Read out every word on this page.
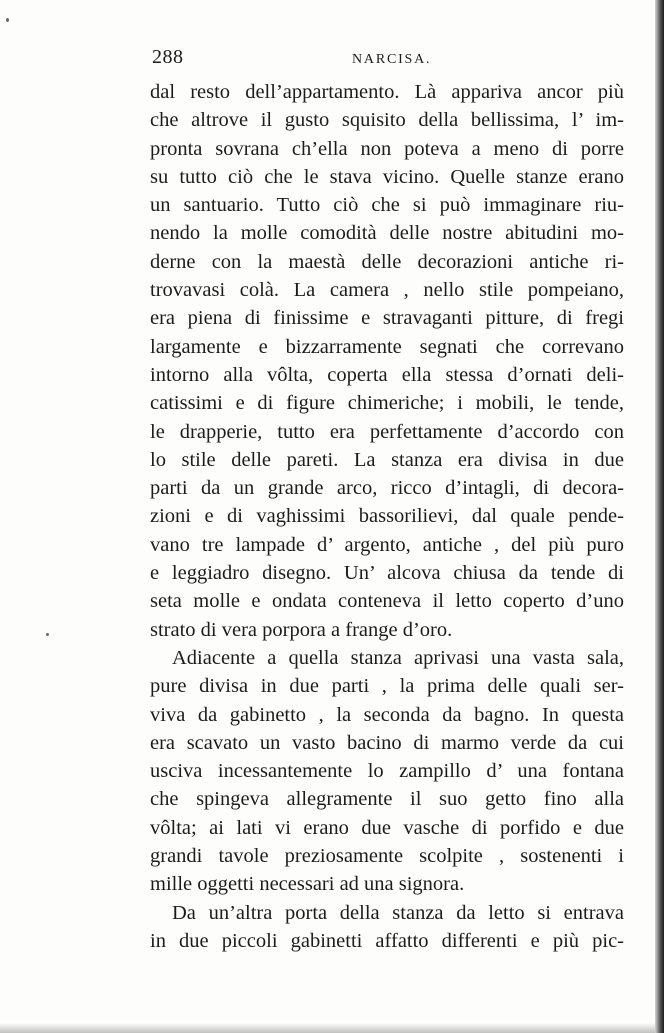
288	NARCISA.
dal resto dell’appartamento. Là appariva ancor più
che altrove il gusto squisito della bellissima, l’ im-
pronta sovrana ch’ella non poteva a meno di porre
su tutto ciò che le stava vicino. Quelle stanze erano
un santuario. Tutto ciò che si può immaginare riu-
nendo la molle comodità delle nostre abitudini mo-
derne con la maestà delle decorazioni antiche ri-
trovavasi colà. La camera , nello stile pompeiano,
era piena di finissime e stravaganti pitture, di fregi
largamente e bizzarramente segnati che correvano
intorno alla vôlta, coperta ella stessa d’ornati deli-
catissimi e di figure chimeriche; i mobili, le tende,
le drapperie, tutto era perfettamente d’accordo con
lo stile delle pareti. La stanza era divisa in due
parti da un grande arco, ricco d’intagli, di decora-
zioni e di vaghissimi bassorilievi, dal quale pende-
vano tre lampade d’ argento, antiche , del più puro
e leggiadro disegno. Un’ alcova chiusa da tende di
seta molle e ondata conteneva il letto coperto d’uno
strato di vera porpora a frange d’oro.
Adiacente a quella stanza aprivasi una vasta sala,
pure divisa in due parti , la prima delle quali ser-
viva da gabinetto , la seconda da bagno. In questa
era scavato un vasto bacino di marmo verde da cui
usciva incessantemente lo zampillo d’ una fontana
che spingeva allegramente il suo getto fino alla
vôlta; ai lati vi erano due vasche di porfido e due
grandi tavole preziosamente scolpite , sostenenti i
mille oggetti necessari ad una signora.
Da un’altra porta della stanza da letto si entrava
in due piccoli gabinetti affatto differenti e più pic-
